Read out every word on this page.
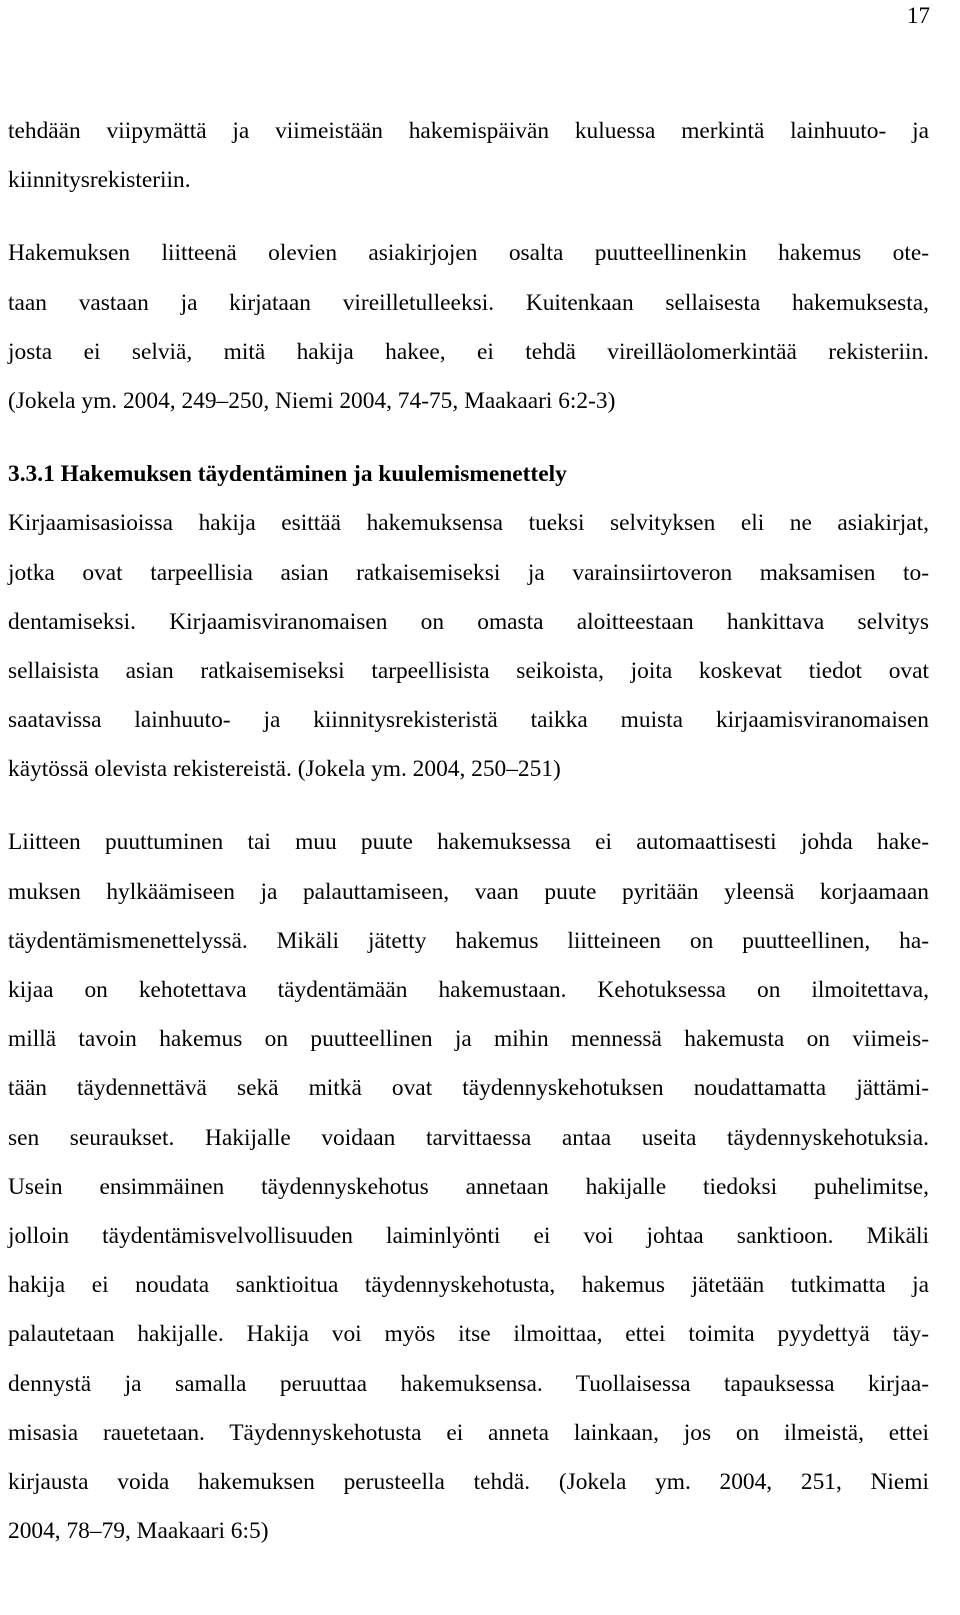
17
tehdään viipymättä ja viimeistään hakemispäivän kuluessa merkintä lainhuuto- ja
kiinnitysrekisteriin.
Hakemuksen liitteenä olevien asiakirjojen osalta puutteellinenkin hakemus ote-
taan vastaan ja kirjataan vireilletulleeksi. Kuitenkaan sellaisesta hakemuksesta,
josta ei selviä, mitä hakija hakee, ei tehdä vireilläolomerkintää rekisteriin.
(Jokela ym. 2004, 249–250, Niemi 2004, 74-75, Maakaari 6:2-3)
3.3.1 Hakemuksen täydentäminen ja kuulemismenettely
Kirjaamisasioissa hakija esittää hakemuksensa tueksi selvityksen eli ne asiakirjat,
jotka ovat tarpeellisia asian ratkaisemiseksi ja varainsiirtoveron maksamisen to-
dentamiseksi. Kirjaamisviranomaisen on omasta aloitteestaan hankittava selvitys
sellaisista asian ratkaisemiseksi tarpeellisista seikoista, joita koskevat tiedot ovat
saatavissa lainhuuto- ja kiinnitysrekisteristä taikka muista kirjaamisviranomaisen
käytössä olevista rekistereistä. (Jokela ym. 2004, 250–251)
Liitteen puuttuminen tai muu puute hakemuksessa ei automaattisesti johda hake-
muksen hylkäämiseen ja palauttamiseen, vaan puute pyritään yleensä korjaamaan
täydentämismenettelyssä. Mikäli jätetty hakemus liitteineen on puutteellinen, ha-
kijaa on kehotettava täydentämään hakemustaan. Kehotuksessa on ilmoitettava,
millä tavoin hakemus on puutteellinen ja mihin mennessä hakemusta on viimeis-
tään täydennettävä sekä mitkä ovat täydennyskehotuksen noudattamatta jättämi-
sen seuraukset. Hakijalle voidaan tarvittaessa antaa useita täydennyskehotuksia.
Usein ensimmäinen täydennyskehotus annetaan hakijalle tiedoksi puhelimitse,
jolloin täydentämisvelvollisuuden laiminlyönti ei voi johtaa sanktioon. Mikäli
hakija ei noudata sanktioitua täydennyskehotusta, hakemus jätetään tutkimatta ja
palautetaan hakijalle. Hakija voi myös itse ilmoittaa, ettei toimita pyydettyä täy-
dennystä ja samalla peruuttaa hakemuksensa. Tuollaisessa tapauksessa kirjaa-
misasia rauetetaan. Täydennyskehotusta ei anneta lainkaan, jos on ilmeistä, ettei
kirjausta voida hakemuksen perusteella tehdä. (Jokela ym. 2004, 251, Niemi
2004, 78–79, Maakaari 6:5)
